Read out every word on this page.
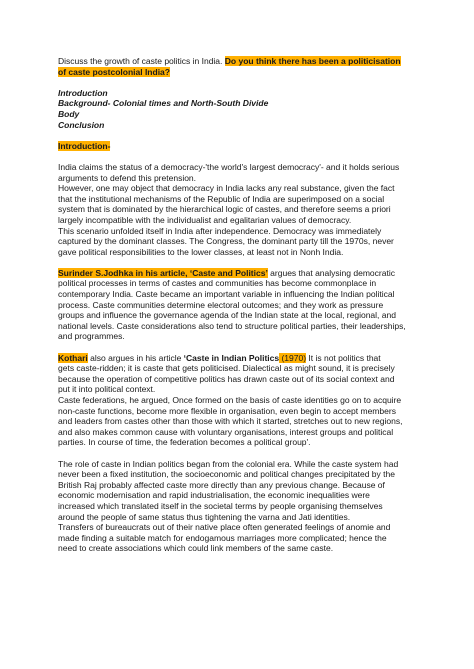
Discuss the growth of caste politics in India. Do you think there has been a politicisation

of caste postcolonial India?

Introduction

Background- Colonial times and North-South Divide

Body

Conclusion

Introduction-

India claims the status of a democracy-'the world's largest democracy'- and it holds serious

arguments to defend this pretension.

However, one may object that democracy in India lacks any real substance, given the fact

that the institutional mechanisms of the Republic of India are superimposed on a social

system that is dominated by the hierarchical logic of castes, and therefore seems a priori

largely incompatible with the individualist and egalitarian values of democracy.

This scenario unfolded itself in India after independence. Democracy was immediately

captured by the dominant classes. The Congress, the dominant party till the 1970s, never

gave political responsibilities to the lower classes, at least not in Nonh India.

Surinder S.Jodhka in his article, ‘Caste and Politics’ argues that analysing democratic

political processes in terms of castes and communities has become commonplace in

contemporary India. Caste became an important variable in influencing the Indian political

process. Caste communities determine electoral outcomes; and they work as pressure

groups and influence the governance agenda of the Indian state at the local, regional, and

national levels. Caste considerations also tend to structure political parties, their leaderships,

and programmes.

Kothari also argues in his article ‘Caste in Indian Politics (1970) It is not politics that

gets caste-ridden; it is caste that gets politicised. Dialectical as might sound, it is precisely

because the operation of competitive politics has drawn caste out of its social context and

put it into political context.

Caste federations, he argued, Once formed on the basis of caste identities go on to acquire

non-caste functions, become more flexible in organisation, even begin to accept members

and leaders from castes other than those with which it started, stretches out to new regions,

and also makes common cause with voluntary organisations, interest groups and political

parties. In course of time, the federation becomes a political group'.

The role of caste in Indian politics began from the colonial era. While the caste system had

never been a fixed institution, the socioeconomic and political changes precipitated by the

British Raj probably affected caste more directly than any previous change. Because of

economic modernisation and rapid industrialisation, the economic inequalities were

increased which translated itself in the societal terms by people organising themselves

around the people of same status thus tightening the varna and Jati identities.

Transfers of bureaucrats out of their native place often generated feelings of anomie and

made finding a suitable match for endogamous marriages more complicated; hence the

need to create associations which could link members of the same caste.
